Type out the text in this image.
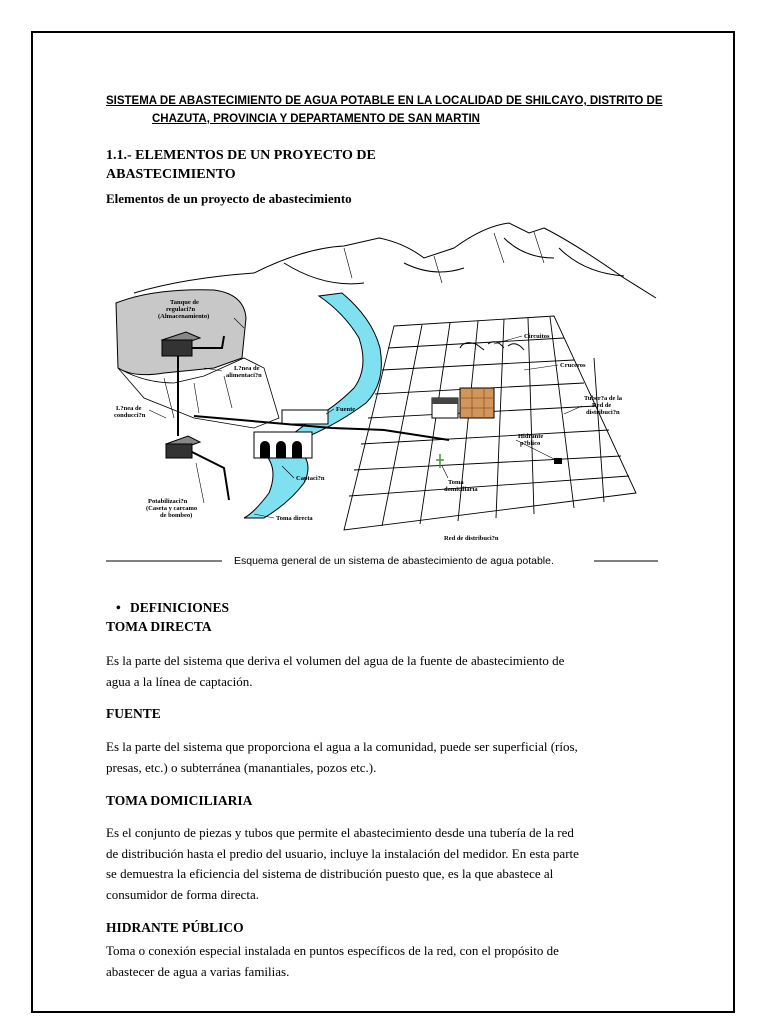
SISTEMA DE ABASTECIMIENTO DE AGUA POTABLE EN LA LOCALIDAD DE SHILCAYO, DISTRITO DE
CHAZUTA, PROVINCIA Y DEPARTAMENTO DE SAN MARTIN
1.1.- ELEMENTOS DE UN PROYECTO DE
ABASTECIMIENTO
Elementos de un proyecto de abastecimiento
Tanque de
regulaci?n
(Almacenamiento)
L?nea de
alimentaci?n
L?nea de
conducci?n
Fuente
Captaci?n
Potabilizaci?n
(Caseta y carcamo
de bombeo)	Toma directa
Circuitos
Cruceros
Tuber?a de la
Red de
distribuci?n
Hidrante
p?blico
Toma
domiciliaria
Red de distribuci?n
Esquema general de un sistema de abastecimiento de agua potable.
• DEFINICIONES
TOMA DIRECTA
Es la parte del sistema que deriva el volumen del agua de la fuente de abastecimiento de
agua a la línea de captación.
FUENTE
Es la parte del sistema que proporciona el agua a la comunidad, puede ser superficial (ríos,
presas, etc.) o subterránea (manantiales, pozos etc.).
TOMA DOMICILIARIA
Es el conjunto de piezas y tubos que permite el abastecimiento desde una tubería de la red
de distribución hasta el predio del usuario, incluye la instalación del medidor. En esta parte
se demuestra la eficiencia del sistema de distribución puesto que, es la que abastece al
consumidor de forma directa.
HIDRANTE PÚBLICO
Toma o conexión especial instalada en puntos específicos de la red, con el propósito de
abastecer de agua a varias familias.
